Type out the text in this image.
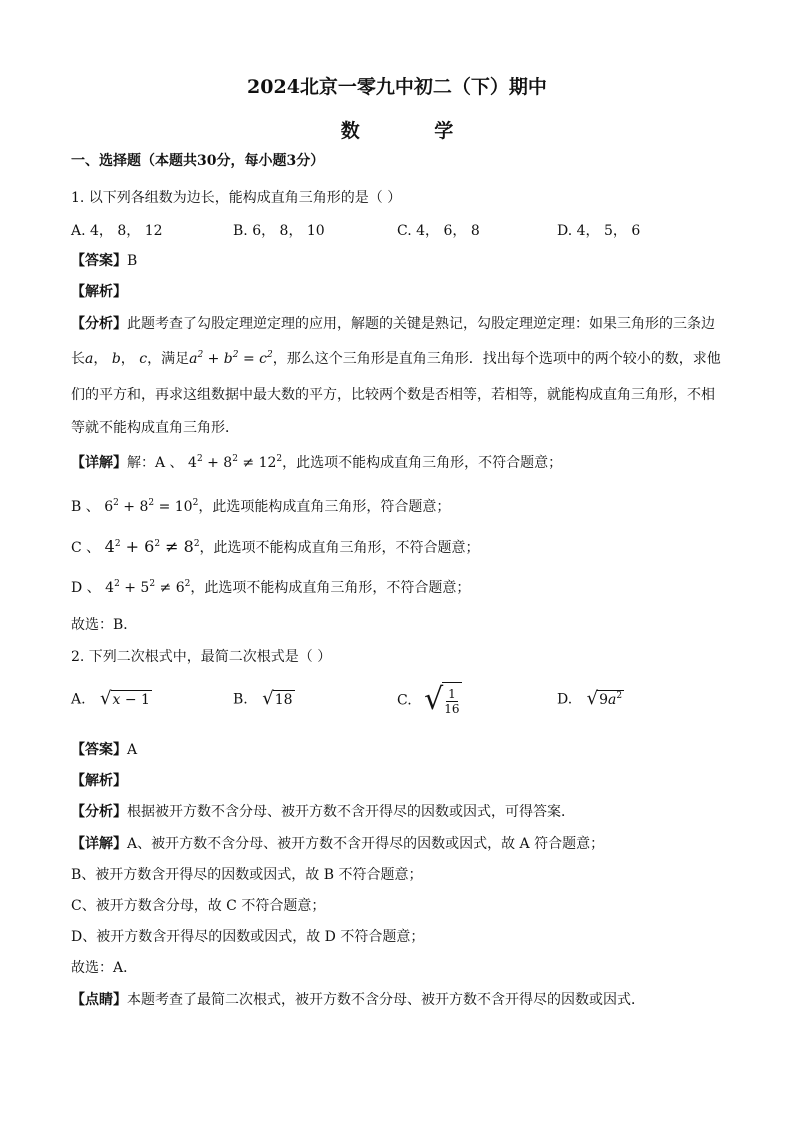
2024北京一零九中初二（下）期中
数 学
一、选择题（本题共30分，每小题3分）
1. 以下列各组数为边长，能构成直角三角形的是（ ）
A. 4， 8， 12	B. 6， 8， 10	C. 4， 6， 8	D. 4， 5， 6
【答案】B
【解析】
【分析】此题考查了勾股定理逆定理的应用，解题的关键是熟记，勾股定理逆定理：如果三角形的三条边
长a， b， c，满足$a^2 + b^2 = c^2$，那么这个三角形是直角三角形．找出每个选项中的两个较小的数，求他
们的平方和，再求这组数据中最大数的平方，比较两个数是否相等，若相等，就能构成直角三角形，不相
等就不能构成直角三角形．
【详解】解：A 、 $4^2 + 8^2 \ne 12^2$，此选项不能构成直角三角形，不符合题意；
B 、 $6^2 + 8^2 = 10^2$，此选项能构成直角三角形，符合题意；
C 、 $4^2 + 6^2 \ne 8^2$，此选项不能构成直角三角形，不符合题意；
D 、 $4^2 + 5^2 \ne 6^2$，此选项不能构成直角三角形，不符合题意；
故选：B．
2. 下列二次根式中，最简二次根式是（ ）
A. √ x − 1	B. √ 18	C. √ $\frac{1}{16}$	D. √ $9a^2$
【答案】A
【解析】
【分析】根据被开方数不含分母、被开方数不含开得尽的因数或因式，可得答案．
【详解】A、被开方数不含分母、被开方数不含开得尽的因数或因式，故 A 符合题意；
B、被开方数含开得尽的因数或因式，故 B 不符合题意；
C、被开方数含分母，故 C 不符合题意；
D、被开方数含开得尽的因数或因式，故 D 不符合题意；
故选：A．
【点睛】本题考查了最简二次根式，被开方数不含分母、被开方数不含开得尽的因数或因式．
